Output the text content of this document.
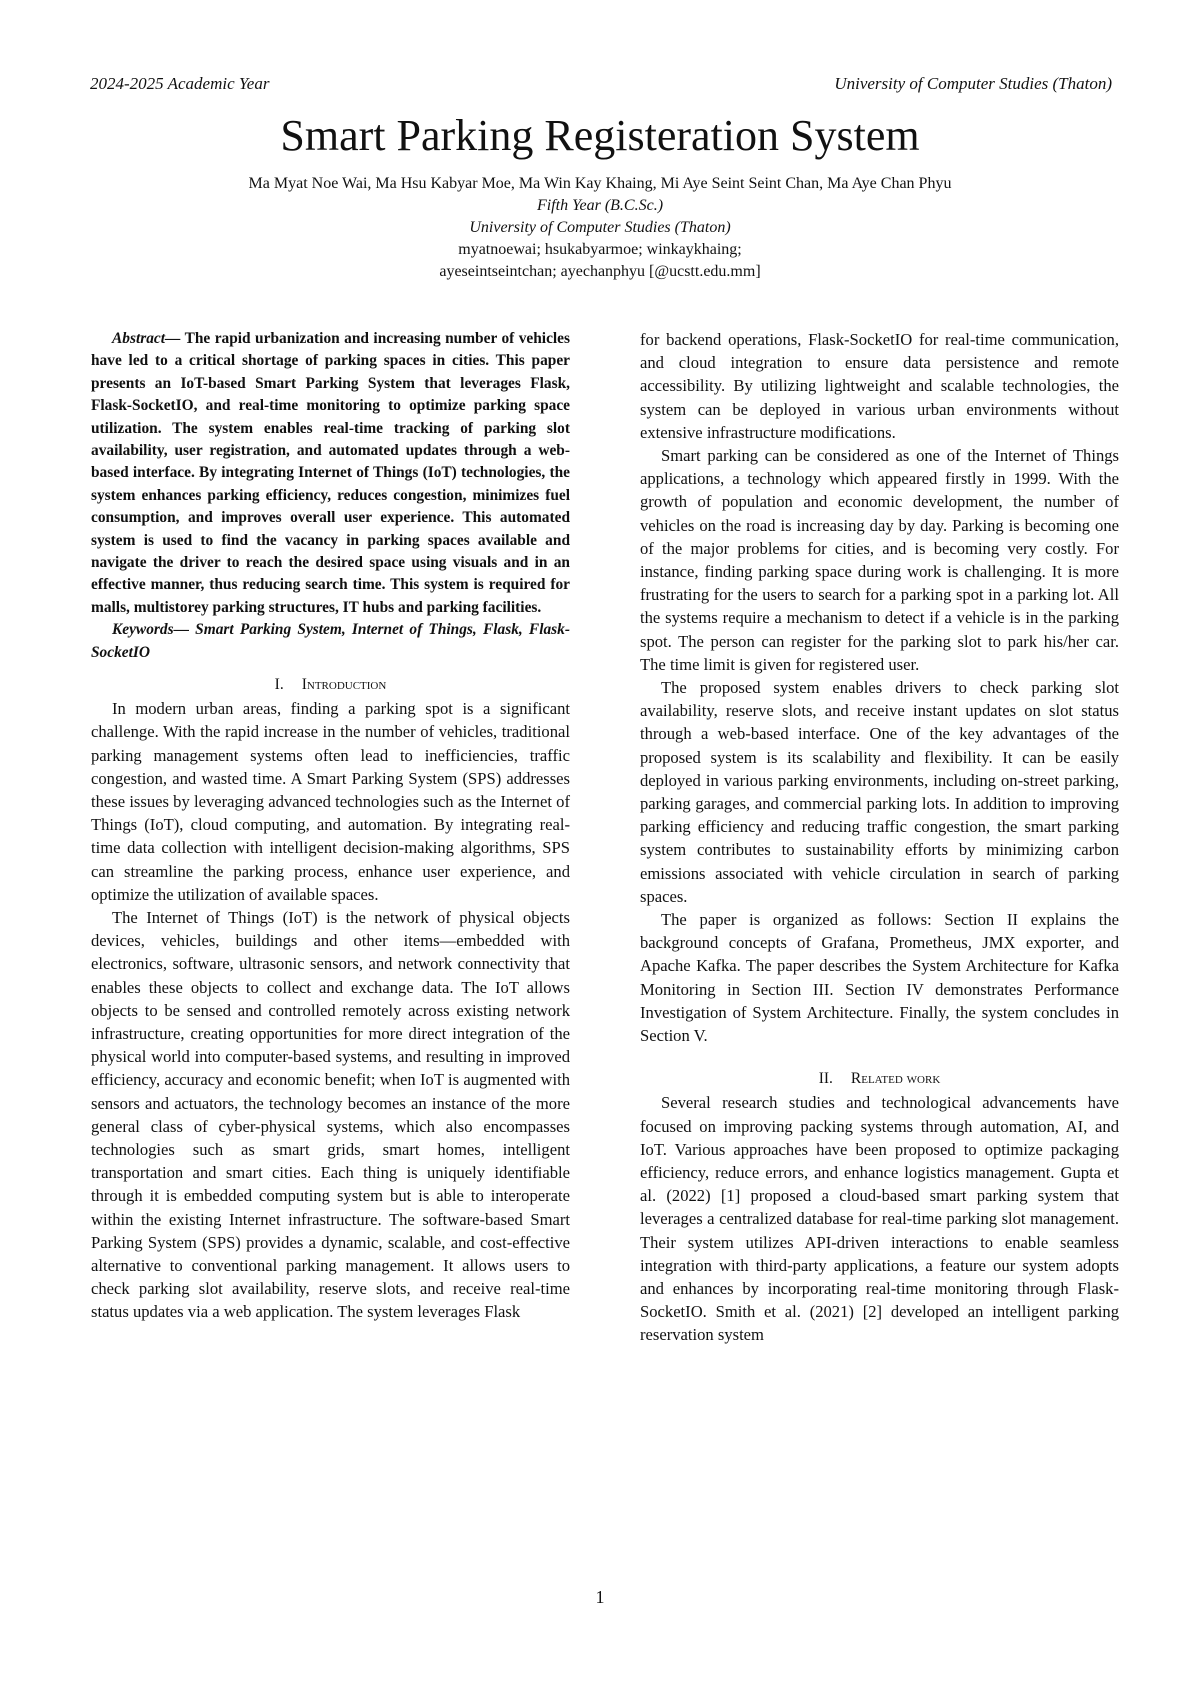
2024-2025 Academic Year	University of Computer Studies (Thaton)
Smart Parking Registeration System
Ma Myat Noe Wai, Ma Hsu Kabyar Moe, Ma Win Kay Khaing, Mi Aye Seint Seint Chan, Ma Aye Chan Phyu
Fifth Year (B.C.Sc.)
University of Computer Studies (Thaton)
myatnoewai; hsukabyarmoe; winkaykhaing;
ayeseintseintchan; ayechanphyu [@ucstt.edu.mm]

Abstract— The rapid urbanization and increasing number of vehicles have led to a critical shortage of parking spaces in cities. This paper presents an IoT-based Smart Parking System that leverages Flask, Flask-SocketIO, and real-time monitoring to optimize parking space utilization. The system enables real-time tracking of parking slot availability, user registration, and automated updates through a web-based interface. By integrating Internet of Things (IoT) technologies, the system enhances parking efficiency, reduces congestion, minimizes fuel consumption, and improves overall user experience. This automated system is used to find the vacancy in parking spaces available and navigate the driver to reach the desired space using visuals and in an effective manner, thus reducing search time. This system is required for malls, multistorey parking structures, IT hubs and parking facilities.

Keywords— Smart Parking System, Internet of Things, Flask, Flask-SocketIO

I. Introduction

In modern urban areas, finding a parking spot is a significant challenge. With the rapid increase in the number of vehicles, traditional parking management systems often lead to inefficiencies, traffic congestion, and wasted time. A Smart Parking System (SPS) addresses these issues by leveraging advanced technologies such as the Internet of Things (IoT), cloud computing, and automation. By integrating real-time data collection with intelligent decision-making algorithms, SPS can streamline the parking process, enhance user experience, and optimize the utilization of available spaces.

The Internet of Things (IoT) is the network of physical objects devices, vehicles, buildings and other items—embedded with electronics, software, ultrasonic sensors, and network connectivity that enables these objects to collect and exchange data. The IoT allows objects to be sensed and controlled remotely across existing network infrastructure, creating opportunities for more direct integration of the physical world into computer-based systems, and resulting in improved efficiency, accuracy and economic benefit; when IoT is augmented with sensors and actuators, the technology becomes an instance of the more general class of cyber-physical systems, which also encompasses technologies such as smart grids, smart homes, intelligent transportation and smart cities. Each thing is uniquely identifiable through it is embedded computing system but is able to interoperate within the existing Internet infrastructure. The software-based Smart Parking System (SPS) provides a dynamic, scalable, and cost-effective alternative to conventional parking management. It allows users to check parking slot availability, reserve slots, and receive real-time status updates via a web application. The system leverages Flask

for backend operations, Flask-SocketIO for real-time communication, and cloud integration to ensure data persistence and remote accessibility. By utilizing lightweight and scalable technologies, the system can be deployed in various urban environments without extensive infrastructure modifications.

Smart parking can be considered as one of the Internet of Things applications, a technology which appeared firstly in 1999. With the growth of population and economic development, the number of vehicles on the road is increasing day by day. Parking is becoming one of the major problems for cities, and is becoming very costly. For instance, finding parking space during work is challenging. It is more frustrating for the users to search for a parking spot in a parking lot. All the systems require a mechanism to detect if a vehicle is in the parking spot. The person can register for the parking slot to park his/her car. The time limit is given for registered user.

The proposed system enables drivers to check parking slot availability, reserve slots, and receive instant updates on slot status through a web-based interface. One of the key advantages of the proposed system is its scalability and flexibility. It can be easily deployed in various parking environments, including on-street parking, parking garages, and commercial parking lots. In addition to improving parking efficiency and reducing traffic congestion, the smart parking system contributes to sustainability efforts by minimizing carbon emissions associated with vehicle circulation in search of parking spaces.

The paper is organized as follows: Section II explains the background concepts of Grafana, Prometheus, JMX exporter, and Apache Kafka. The paper describes the System Architecture for Kafka Monitoring in Section III. Section IV demonstrates Performance Investigation of System Architecture. Finally, the system concludes in Section V.

II. Related work

Several research studies and technological advancements have focused on improving packing systems through automation, AI, and IoT. Various approaches have been proposed to optimize packaging efficiency, reduce errors, and enhance logistics management. Gupta et al. (2022) [1] proposed a cloud-based smart parking system that leverages a centralized database for real-time parking slot management. Their system utilizes API-driven interactions to enable seamless integration with third-party applications, a feature our system adopts and enhances by incorporating real-time monitoring through Flask-SocketIO. Smith et al. (2021) [2] developed an intelligent parking reservation system

1
